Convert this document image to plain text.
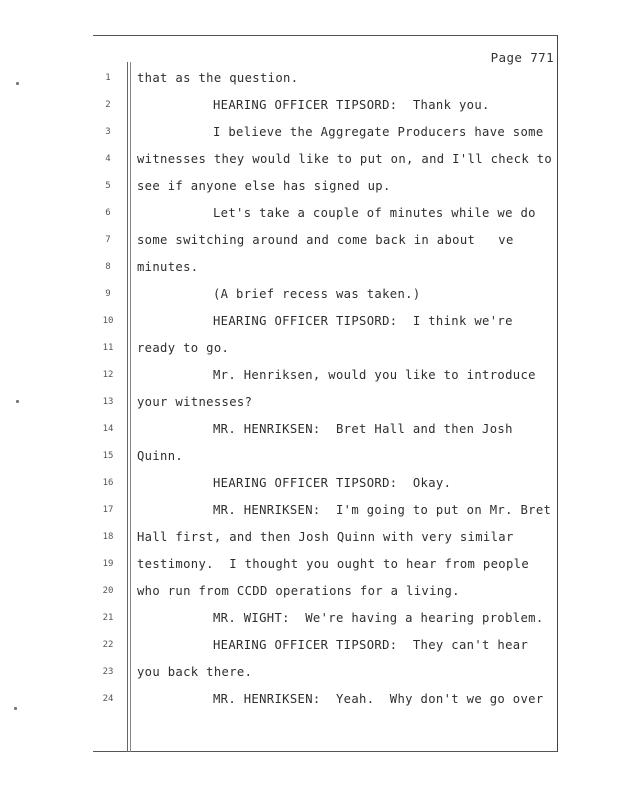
Page 771
1	that as the question.
2	HEARING OFFICER TIPSORD:  Thank you.
3	I believe the Aggregate Producers have some
4	witnesses they would like to put on, and I'll check to
5	see if anyone else has signed up.
6	Let's take a couple of minutes while we do
7	some switching around and come back in about   ve
8	minutes.
9	(A brief recess was taken.)
10	HEARING OFFICER TIPSORD:  I think we're
11	ready to go.
12	Mr. Henriksen, would you like to introduce
13	your witnesses?
14	MR. HENRIKSEN:  Bret Hall and then Josh
15	Quinn.
16	HEARING OFFICER TIPSORD:  Okay.
17	MR. HENRIKSEN:  I'm going to put on Mr. Bret
18	Hall first, and then Josh Quinn with very similar
19	testimony.  I thought you ought to hear from people
20	who run from CCDD operations for a living.
21	MR. WIGHT:  We're having a hearing problem.
22	HEARING OFFICER TIPSORD:  They can't hear
23	you back there.
24	MR. HENRIKSEN:  Yeah.  Why don't we go over
